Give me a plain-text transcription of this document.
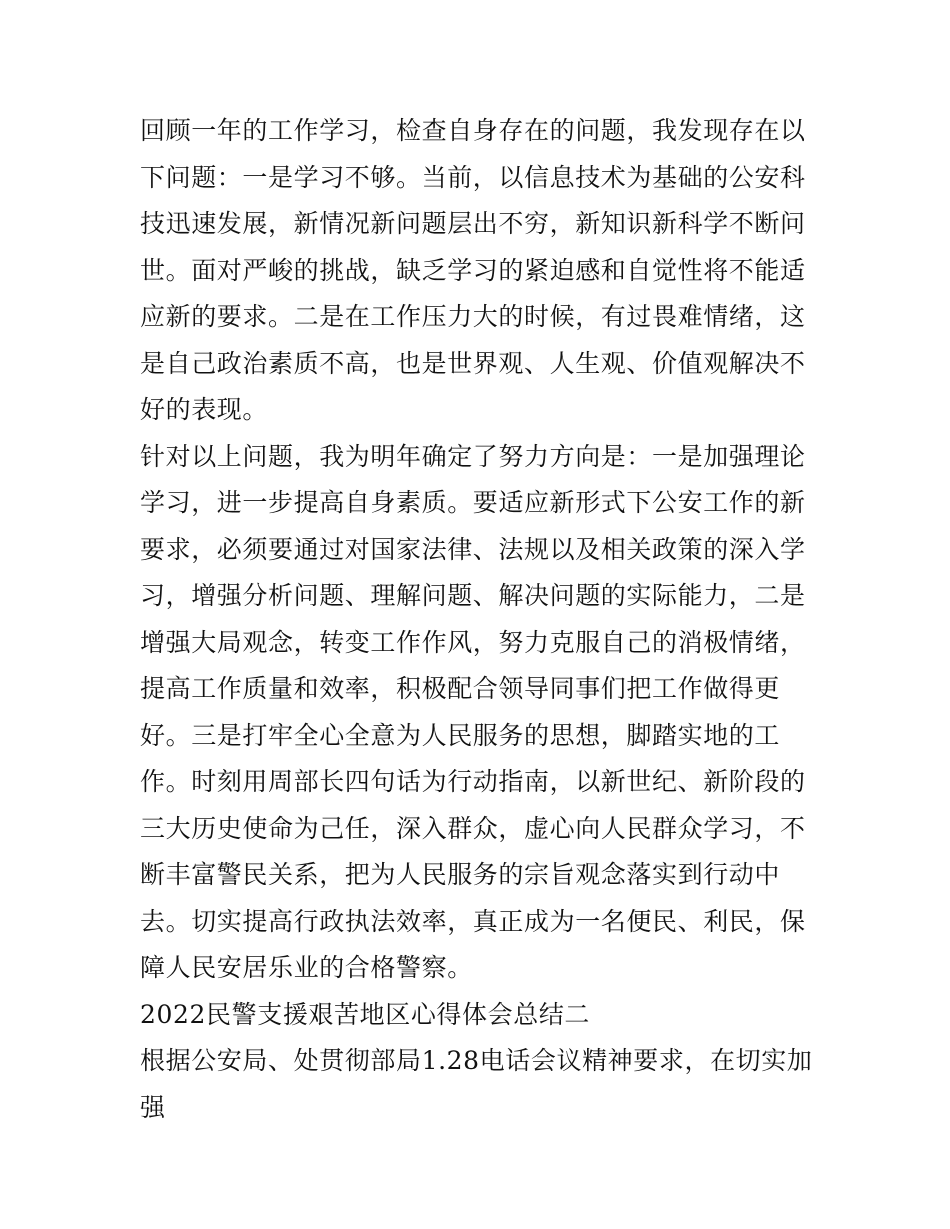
回顾一年的工作学习，检查自身存在的问题，我发现存在以下问题：一是学习不够。当前，以信息技术为基础的公安科技迅速发展，新情况新问题层出不穷，新知识新科学不断问世。面对严峻的挑战，缺乏学习的紧迫感和自觉性将不能适应新的要求。二是在工作压力大的时候，有过畏难情绪，这是自己政治素质不高，也是世界观、人生观、价值观解决不好的表现。

针对以上问题，我为明年确定了努力方向是：一是加强理论学习，进一步提高自身素质。要适应新形式下公安工作的新要求，必须要通过对国家法律、法规以及相关政策的深入学习，增强分析问题、理解问题、解决问题的实际能力，二是增强大局观念，转变工作作风，努力克服自己的消极情绪，提高工作质量和效率，积极配合领导同事们把工作做得更好。三是打牢全心全意为人民服务的思想，脚踏实地的工作。时刻用周部长四句话为行动指南，以新世纪、新阶段的三大历史使命为己任，深入群众，虚心向人民群众学习，不断丰富警民关系，把为人民服务的宗旨观念落实到行动中去。切实提高行政执法效率，真正成为一名便民、利民，保障人民安居乐业的合格警察。

2022民警支援艰苦地区心得体会总结二

根据公安局、处贯彻部局1.28电话会议精神要求，在切实加强
